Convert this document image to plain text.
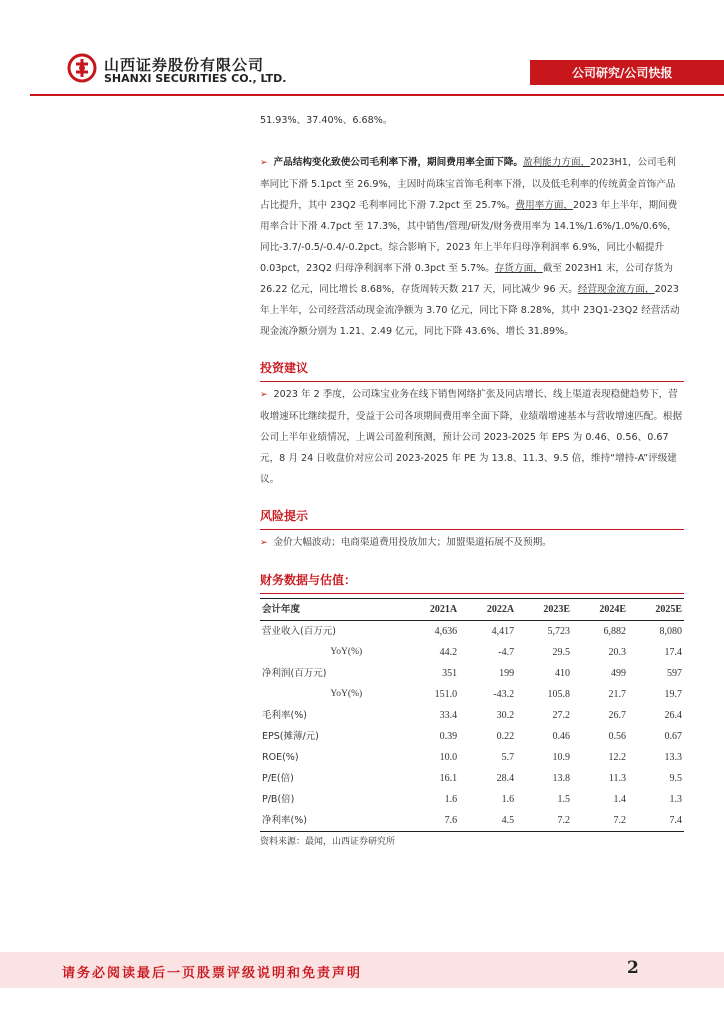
山西证券股份有限公司
SHANXI SECURITIES CO., LTD.	公司研究/公司快报

51.93%、37.40%、6.68%。

➢ 产品结构变化致使公司毛利率下滑，期间费用率全面下降。盈利能力方面，2023H1，公司毛利率同比下滑 5.1pct 至 26.9%，主因时尚珠宝首饰毛利率下滑，以及低毛利率的传统黄金首饰产品占比提升，其中 23Q2 毛利率同比下滑 7.2pct 至 25.7%。费用率方面，2023 年上半年，期间费用率合计下滑 4.7pct 至 17.3%，其中销售/管理/研发/财务费用率为 14.1%/1.6%/1.0%/0.6%，同比-3.7/-0.5/-0.4/-0.2pct。综合影响下，2023 年上半年归母净利润率 6.9%，同比小幅提升 0.03pct，23Q2 归母净利润率下滑 0.3pct 至 5.7%。存货方面，截至 2023H1 末，公司存货为 26.22 亿元，同比增长 8.68%，存货周转天数 217 天，同比减少 96 天。经营现金流方面，2023 年上半年，公司经营活动现金流净额为 3.70 亿元，同比下降 8.28%，其中 23Q1-23Q2 经营活动现金流净额分别为 1.21、2.49 亿元，同比下降 43.6%、增长 31.89%。

投资建议

➢ 2023 年 2 季度，公司珠宝业务在线下销售网络扩张及同店增长、线上渠道表现稳健趋势下，营收增速环比继续提升，受益于公司各项期间费用率全面下降，业绩端增速基本与营收增速匹配。根据公司上半年业绩情况，上调公司盈利预测，预计公司 2023-2025 年 EPS 为 0.46、0.56、0.67 元，8 月 24 日收盘价对应公司 2023-2025 年 PE 为 13.8、11.3、9.5 倍，维持“增持-A”评级建议。

风险提示

➢ 金价大幅波动；电商渠道费用投放加大；加盟渠道拓展不及预期。

财务数据与估值：
会计年度	2021A	2022A	2023E	2024E	2025E
营业收入(百万元)	4,636	4,417	5,723	6,882	8,080
YoY(%)	44.2	-4.7	29.5	20.3	17.4
净利润(百万元)	351	199	410	499	597
YoY(%)	151.0	-43.2	105.8	21.7	19.7
毛利率(%)	33.4	30.2	27.2	26.7	26.4
EPS(摊薄/元)	0.39	0.22	0.46	0.56	0.67
ROE(%)	10.0	5.7	10.9	12.2	13.3
P/E(倍)	16.1	28.4	13.8	11.3	9.5
P/B(倍)	1.6	1.6	1.5	1.4	1.3
净利率(%)	7.6	4.5	7.2	7.2	7.4
资料来源：最闻，山西证券研究所
请务必阅读最后一页股票评级说明和免责声明	2
